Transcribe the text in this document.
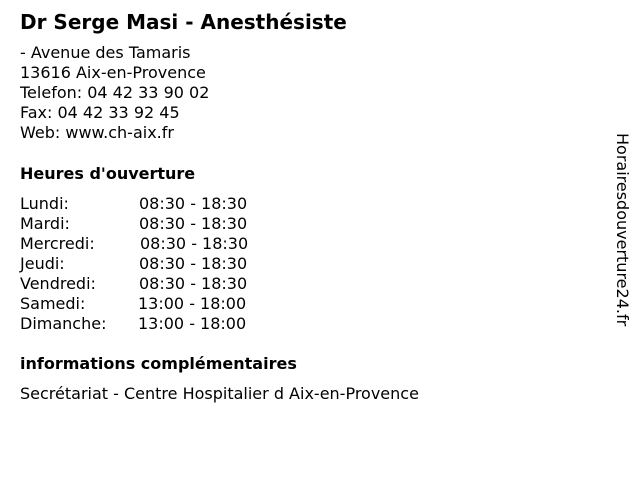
Dr Serge Masi - Anesthésiste
- Avenue des Tamaris
13616 Aix-en-Provence
Telefon: 04 42 33 90 02
Fax: 04 42 33 92 45
Web: www.ch-aix.fr
Heures d'ouverture
Lundi:	08:30 - 18:30
Mardi:	08:30 - 18:30
Mercredi:	08:30 - 18:30
Jeudi:	08:30 - 18:30
Vendredi:	08:30 - 18:30
Samedi:	13:00 - 18:00
Dimanche: 13:00 - 18:00
informations complémentaires
Secrétariat - Centre Hospitalier d Aix-en-Provence
Horairesdouverture24.fr
